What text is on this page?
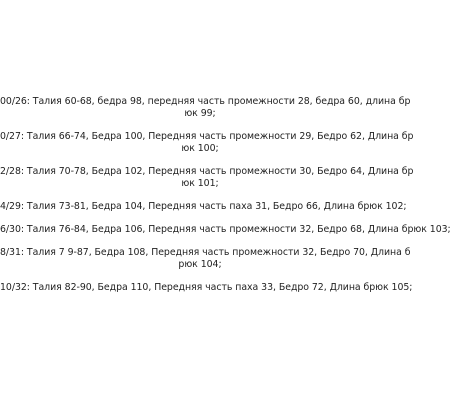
00/26: Талия 60-68, бедра 98, передняя часть промежности 28, бедра 60, длина бр
юк 99;
0/27: Талия 66-74, Бедра 100, Передняя часть промежности 29, Бедро 62, Длина бр
юк 100;
2/28: Талия 70-78, Бедра 102, Передняя часть промежности 30, Бедро 64, Длина бр
юк 101;
4/29: Талия 73-81, Бедра 104, Передняя часть паха 31, Бедро 66, Длина брюк 102;
6/30: Талия 76-84, Бедра 106, Передняя часть промежности 32, Бедро 68, Длина брюк 103;
8/31: Талия 7 9-87, Бедра 108, Передняя часть промежности 32, Бедро 70, Длина б
рюк 104;
10/32: Талия 82-90, Бедра 110, Передняя часть паха 33, Бедро 72, Длина брюк 105;
